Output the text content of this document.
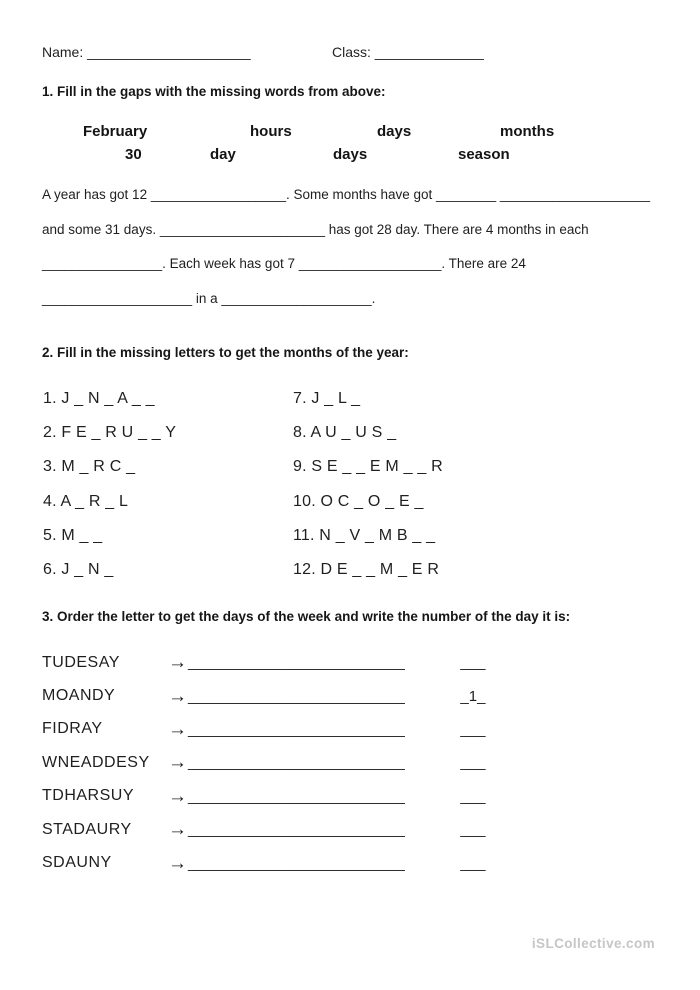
Name: _____________________	Class: ______________
1. Fill in the gaps with the missing words from above:
February	hours	days	months
30	day	days	season
A year has got 12 __________________. Some months have got ________ ____________________
and some 31 days. ______________________ has got 28 day. There are 4 months in each
________________. Each week has got 7 ___________________. There are 24
____________________ in a ____________________.
2. Fill in the missing letters to get the months of the year:
1. J _ N _ A _ _
2. F E _ R U _ _ Y
3. M _ R C _
4. A _ R _ L
5. M _ _
6. J _ N _
7. J _ L _
8. A U _ U S _
9. S E _ _ E M _ _ R
10. O C _ O _ E _
11. N _ V _ M B _ _
12. D E _ _ M _ E R
3. Order the letter to get the days of the week and write the number of the day it is:
TUDESAY	→ __________________________	___
MOANDY	→ __________________________	_1_
FIDRAY	→ __________________________	___
WNEADDESY → __________________________	___
TDHARSUY	→ __________________________	___
STADAURY	→ __________________________	___
SDAUNY	→ __________________________	___
iSLCollective.com
